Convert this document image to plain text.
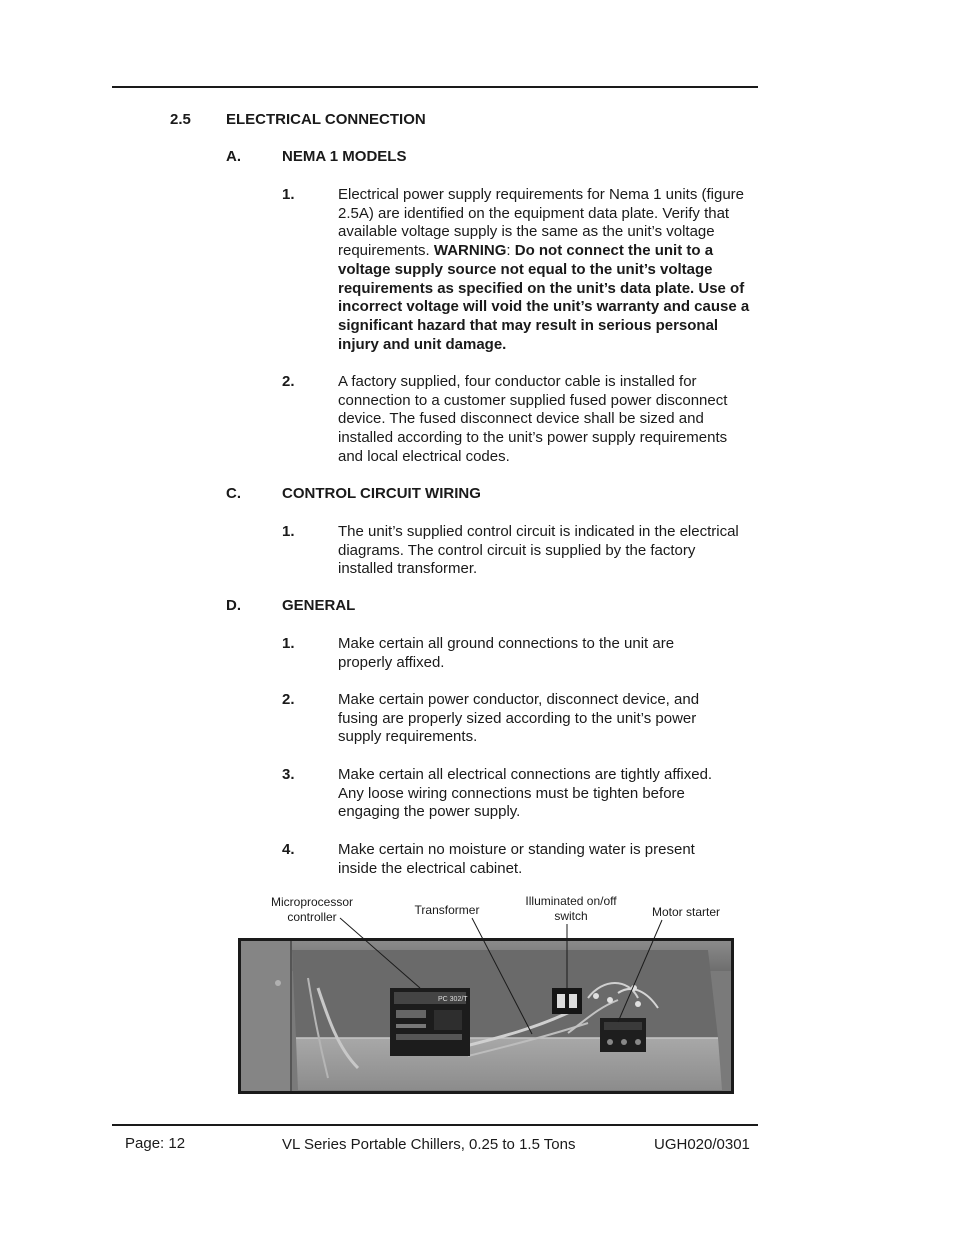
2.5 ELECTRICAL CONNECTION
A.	NEMA 1 MODELS
1.	Electrical power supply requirements for Nema 1 units (figure 2.5A) are identified on the equipment data plate. Verify that available voltage supply is the same as the unit’s voltage requirements. WARNING: Do not connect the unit to a voltage supply source not equal to the unit’s voltage requirements as specified on the unit’s data plate. Use of incorrect voltage will void the unit’s warranty and cause a significant hazard that may result in serious personal injury and unit damage.
2.	A factory supplied, four conductor cable is installed for connection to a customer supplied fused power disconnect device. The fused disconnect device shall be sized and installed according to the unit’s power supply requirements and local electrical codes.
C.	CONTROL CIRCUIT WIRING
1.	The unit’s supplied control circuit is indicated in the electrical diagrams. The control circuit is supplied by the factory installed transformer.
D.	GENERAL
1.	Make certain all ground connections to the unit are properly affixed.
2.	Make certain power conductor, disconnect device, and fusing are properly sized according to the unit’s power supply requirements.
3.	Make certain all electrical connections are tightly affixed. Any loose wiring connections must be tighten before engaging the power supply.
4.	Make certain no moisture or standing water is present inside the electrical cabinet.
Microprocessor controller	Transformer
Illuminated on/off switch	Motor starter
PC 302/T
Page: 12	VL Series Portable Chillers, 0.25 to 1.5 Tons	UGH020/0301
